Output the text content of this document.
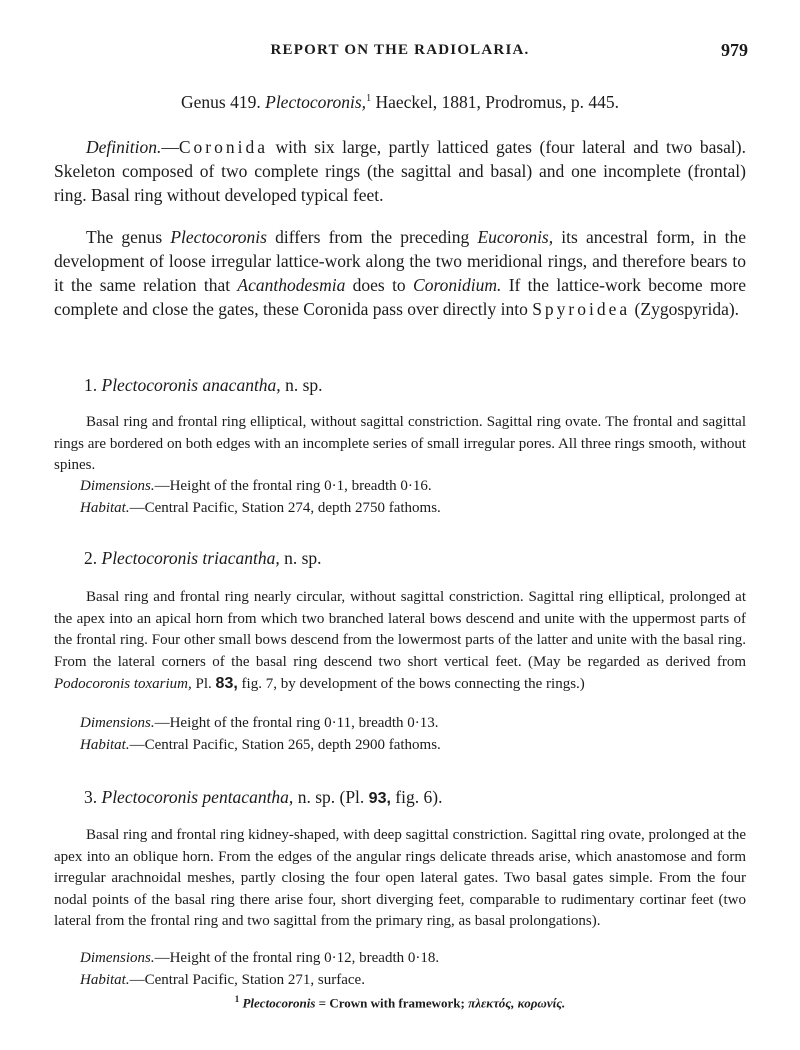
REPORT ON THE RADIOLARIA.	979
Genus 419. Plectocoronis,$^1$ Haeckel, 1881, Prodromus, p. 445.
Definition.—Coronida with six large, partly latticed gates (four lateral and two basal). Skeleton composed of two complete rings (the sagittal and basal) and one incomplete (frontal) ring. Basal ring without developed typical feet.
The genus Plectocoronis differs from the preceding Eucoronis, its ancestral form, in the development of loose irregular lattice-work along the two meridional rings, and therefore bears to it the same relation that Acanthodesmia does to Coronidium. If the lattice-work become more complete and close the gates, these Coronida pass over directly into Spyroidea (Zygospyrida).
1. Plectocoronis anacantha, n. sp.
Basal ring and frontal ring elliptical, without sagittal constriction. Sagittal ring ovate. The frontal and sagittal rings are bordered on both edges with an incomplete series of small irregular pores. All three rings smooth, without spines.
Dimensions.—Height of the frontal ring 0·1, breadth 0·16.
Habitat.—Central Pacific, Station 274, depth 2750 fathoms.
2. Plectocoronis triacantha, n. sp.
Basal ring and frontal ring nearly circular, without sagittal constriction. Sagittal ring elliptical, prolonged at the apex into an apical horn from which two branched lateral bows descend and unite with the uppermost parts of the frontal ring. Four other small bows descend from the lowermost parts of the latter and unite with the basal ring. From the lateral corners of the basal ring descend two short vertical feet. (May be regarded as derived from Podocoronis toxarium, Pl. 83, fig. 7, by development of the bows connecting the rings.)
Dimensions.—Height of the frontal ring 0·11, breadth 0·13.
Habitat.—Central Pacific, Station 265, depth 2900 fathoms.
3. Plectocoronis pentacantha, n. sp. (Pl. 93, fig. 6).
Basal ring and frontal ring kidney-shaped, with deep sagittal constriction. Sagittal ring ovate, prolonged at the apex into an oblique horn. From the edges of the angular rings delicate threads arise, which anastomose and form irregular arachnoidal meshes, partly closing the four open lateral gates. Two basal gates simple. From the four nodal points of the basal ring there arise four, short diverging feet, comparable to rudimentary cortinar feet (two lateral from the frontal ring and two sagittal from the primary ring, as basal prolongations).
Dimensions.—Height of the frontal ring 0·12, breadth 0·18.
Habitat.—Central Pacific, Station 271, surface.
$^1$ Plectocoronis = Crown with framework; πλεκτός, κορωνίς.
